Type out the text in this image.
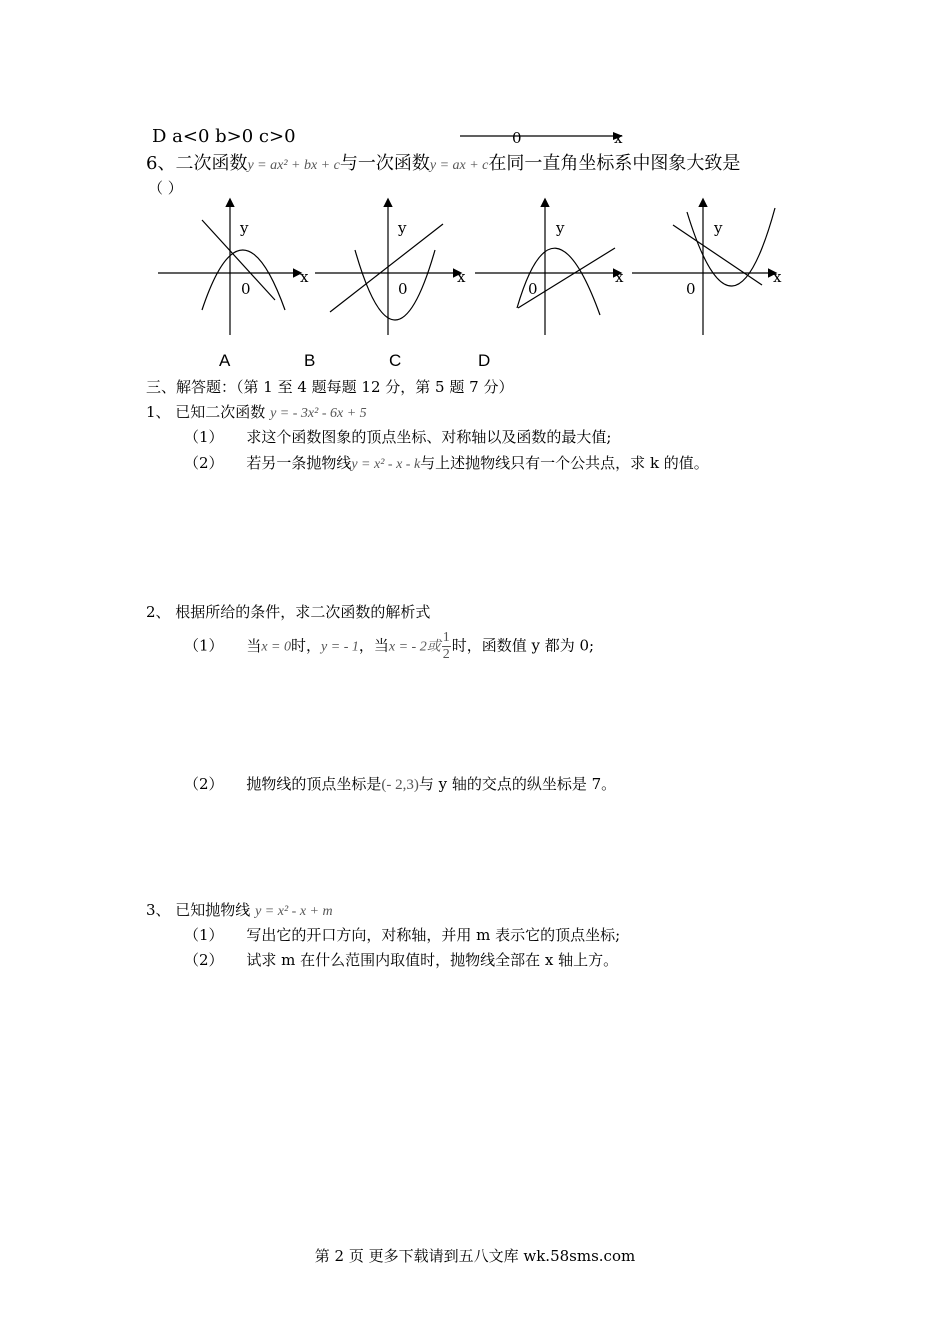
D a<0 b>0 c>0	0	x
6、二次函数y = ax² + bx + c与一次函数y = ax + c在同一直角坐标系中图象大致是
（ ）
y
x
0
y
x
0
y
x
0
y
x
0
A	B	C	D
三、解答题：（第 1 至 4 题每题 12 分，第 5 题 7 分）
1、 已知二次函数 y = - 3x² - 6x + 5
（1） 求这个函数图象的顶点坐标、对称轴以及函数的最大值;
（2） 若另一条抛物线y = x² - x - k与上述抛物线只有一个公共点，求 k 的值。
2、 根据所给的条件，求二次函数的解析式
（1） 当x = 0时，y = - 1，当x = - 2或 $\frac{1}{2}$ 时，函数值 y 都为 0;
（2） 抛物线的顶点坐标是(- 2,3)与 y 轴的交点的纵坐标是 7。
3、 已知抛物线 y = x² - x + m
（1） 写出它的开口方向，对称轴，并用 m 表示它的顶点坐标;
（2） 试求 m 在什么范围内取值时，抛物线全部在 x 轴上方。
第 2 页 更多下载请到五八文库 wk.58sms.com
